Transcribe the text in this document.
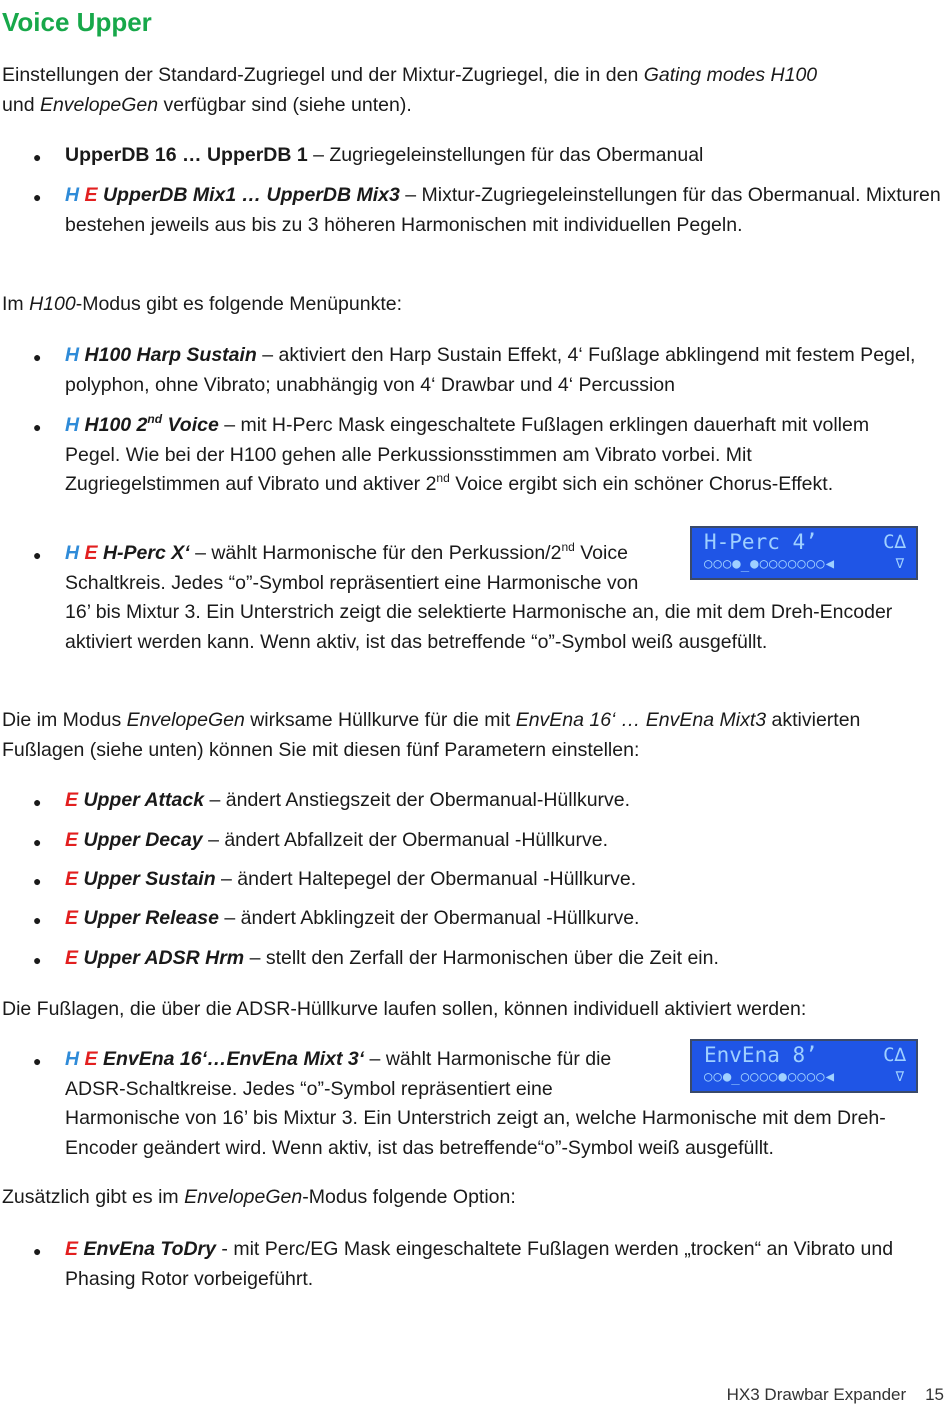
Voice Upper

Einstellungen der Standard-Zugriegel und der Mixtur-Zugriegel, die in den Gating modes H100
und EnvelopeGen verfügbar sind (siehe unten).

● UpperDB 16 … UpperDB 1 – Zugriegeleinstellungen für das Obermanual

● H E UpperDB Mix1 … UpperDB Mix3 – Mixtur-Zugriegeleinstellungen für das Obermanual. Mixturen bestehen jeweils aus bis zu 3 höheren Harmonischen mit individuellen Pegeln.

Im H100-Modus gibt es folgende Menüpunkte:

● H H100 Harp Sustain – aktiviert den Harp Sustain Effekt, 4‘ Fußlage abklingend mit festem Pegel, polyphon, ohne Vibrato; unabhängig von 4‘ Drawbar und 4‘ Percussion

● H H100 2nd Voice – mit H-Perc Mask eingeschaltete Fußlagen erklingen dauerhaft mit vollem Pegel. Wie bei der H100 gehen alle Perkussionsstimmen am Vibrato vorbei. Mit Zugriegelstimmen auf Vibrato und aktiver 2nd Voice ergibt sich ein schöner Chorus-Effekt.

● H E H-Perc X‘ – wählt Harmonische für den Perkussion/2nd Voice Schaltkreis. Jedes “o”-Symbol repräsentiert eine Harmonische von 16’ bis Mixtur 3. Ein Unterstrich zeigt die selektierte Harmonische an, die mit dem Dreh-Encoder aktiviert werden kann. Wenn aktiv, ist das betreffende “o”-Symbol weiß ausgefüllt.

H-Perc 4’
○○○●̲●○○○○○○○◀
C∆
∇

Die im Modus EnvelopeGen wirksame Hüllkurve für die mit EnvEna 16‘ … EnvEna Mixt3 aktivierten Fußlagen (siehe unten) können Sie mit diesen fünf Parametern einstellen:

● E Upper Attack – ändert Anstiegszeit der Obermanual-Hüllkurve.

● E Upper Decay – ändert Abfallzeit der Obermanual -Hüllkurve.

● E Upper Sustain – ändert Haltepegel der Obermanual -Hüllkurve.

● E Upper Release – ändert Abklingzeit der Obermanual -Hüllkurve.

● E Upper ADSR Hrm – stellt den Zerfall der Harmonischen über die Zeit ein.

Die Fußlagen, die über die ADSR-Hüllkurve laufen sollen, können individuell aktiviert werden:

● H E EnvEna 16‘…EnvEna Mixt 3‘ – wählt Harmonische für die ADSR-Schaltkreise. Jedes “o”-Symbol repräsentiert eine Harmonische von 16’ bis Mixtur 3. Ein Unterstrich zeigt an, welche Harmonische mit dem Dreh-Encoder geändert wird. Wenn aktiv, ist das betreffende“o”-Symbol weiß ausgefüllt.

EnvEna 8’
○○●̲○○○○●○○○○◀
C∆
∇

Zusätzlich gibt es im EnvelopeGen-Modus folgende Option:

● E EnvEna ToDry - mit Perc/EG Mask eingeschaltete Fußlagen werden „trocken“ an Vibrato und Phasing Rotor vorbeigeführt.

HX3 Drawbar Expander 15
